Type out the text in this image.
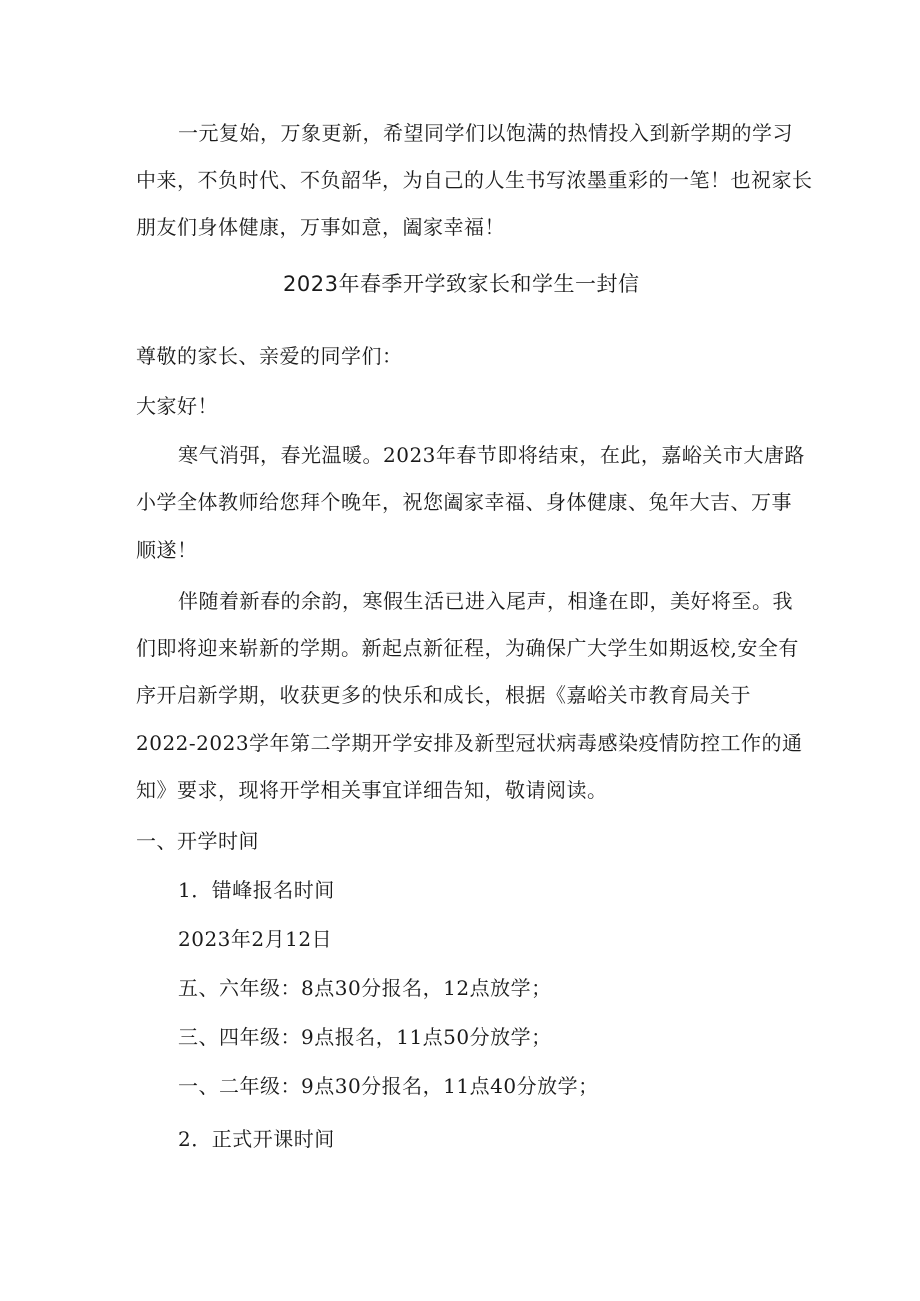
一元复始，万象更新，希望同学们以饱满的热情投入到新学期的学习
中来，不负时代、不负韶华，为自己的人生书写浓墨重彩的一笔！也祝家长
朋友们身体健康，万事如意，阖家幸福！
2023年春季开学致家长和学生一封信
尊敬的家长、亲爱的同学们：
大家好！
寒气消弭，春光温暖。2023年春节即将结束，在此，嘉峪关市大唐路
小学全体教师给您拜个晚年，祝您阖家幸福、身体健康、兔年大吉、万事
顺遂！
伴随着新春的余韵，寒假生活已进入尾声，相逢在即，美好将至。我
们即将迎来崭新的学期。新起点新征程，为确保广大学生如期返校,安全有
序开启新学期，收获更多的快乐和成长，根据《嘉峪关市教育局关于
2022-2023学年第二学期开学安排及新型冠状病毒感染疫情防控工作的通
知》要求，现将开学相关事宜详细告知，敬请阅读。
一、开学时间
1．错峰报名时间
2023年2月12日
五、六年级：8点30分报名，12点放学；
三、四年级：9点报名，11点50分放学；
一、二年级：9点30分报名，11点40分放学；
2．正式开课时间
